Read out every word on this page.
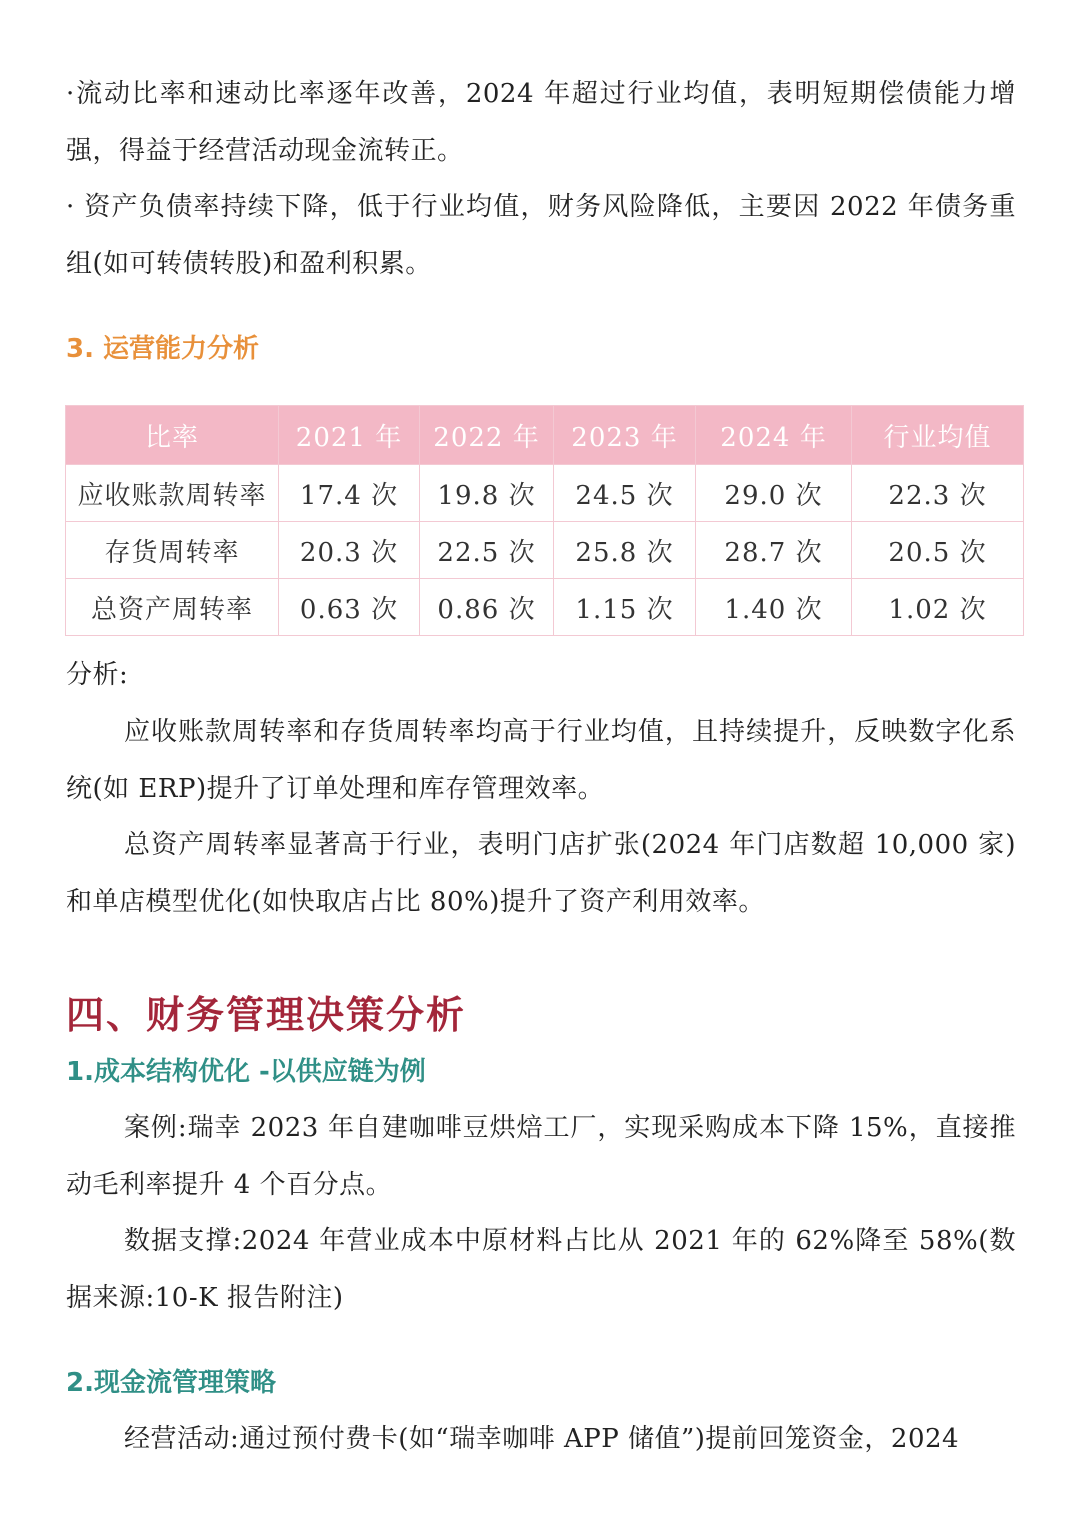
·流动比率和速动比率逐年改善，2024 年超过行业均值，表明短期偿债能力增强，得益于经营活动现金流转正。

· 资产负债率持续下降，低于行业均值，财务风险降低，主要因 2022 年债务重组(如可转债转股)和盈利积累。

3. 运营能力分析
比率	2021 年	2022 年	2023 年	2024 年	行业均值
应收账款周转率	17.4 次	19.8 次	24.5 次	29.0 次	22.3 次
存货周转率	20.3 次	22.5 次	25.8 次	28.7 次	20.5 次
总资产周转率	0.63 次	0.86 次	1.15 次	1.40 次	1.02 次

分析:

应收账款周转率和存货周转率均高于行业均值，且持续提升，反映数字化系统(如 ERP)提升了订单处理和库存管理效率。

总资产周转率显著高于行业，表明门店扩张(2024 年门店数超 10,000 家)和单店模型优化(如快取店占比 80%)提升了资产利用效率。

四、财务管理决策分析
1.成本结构优化 -以供应链为例

案例:瑞幸 2023 年自建咖啡豆烘焙工厂，实现采购成本下降 15%，直接推动毛利率提升 4 个百分点。

数据支撑:2024 年营业成本中原材料占比从 2021 年的 62%降至 58%(数据来源:10-K 报告附注)

2.现金流管理策略

经营活动:通过预付费卡(如“瑞幸咖啡 APP 储值”)提前回笼资金，2024
